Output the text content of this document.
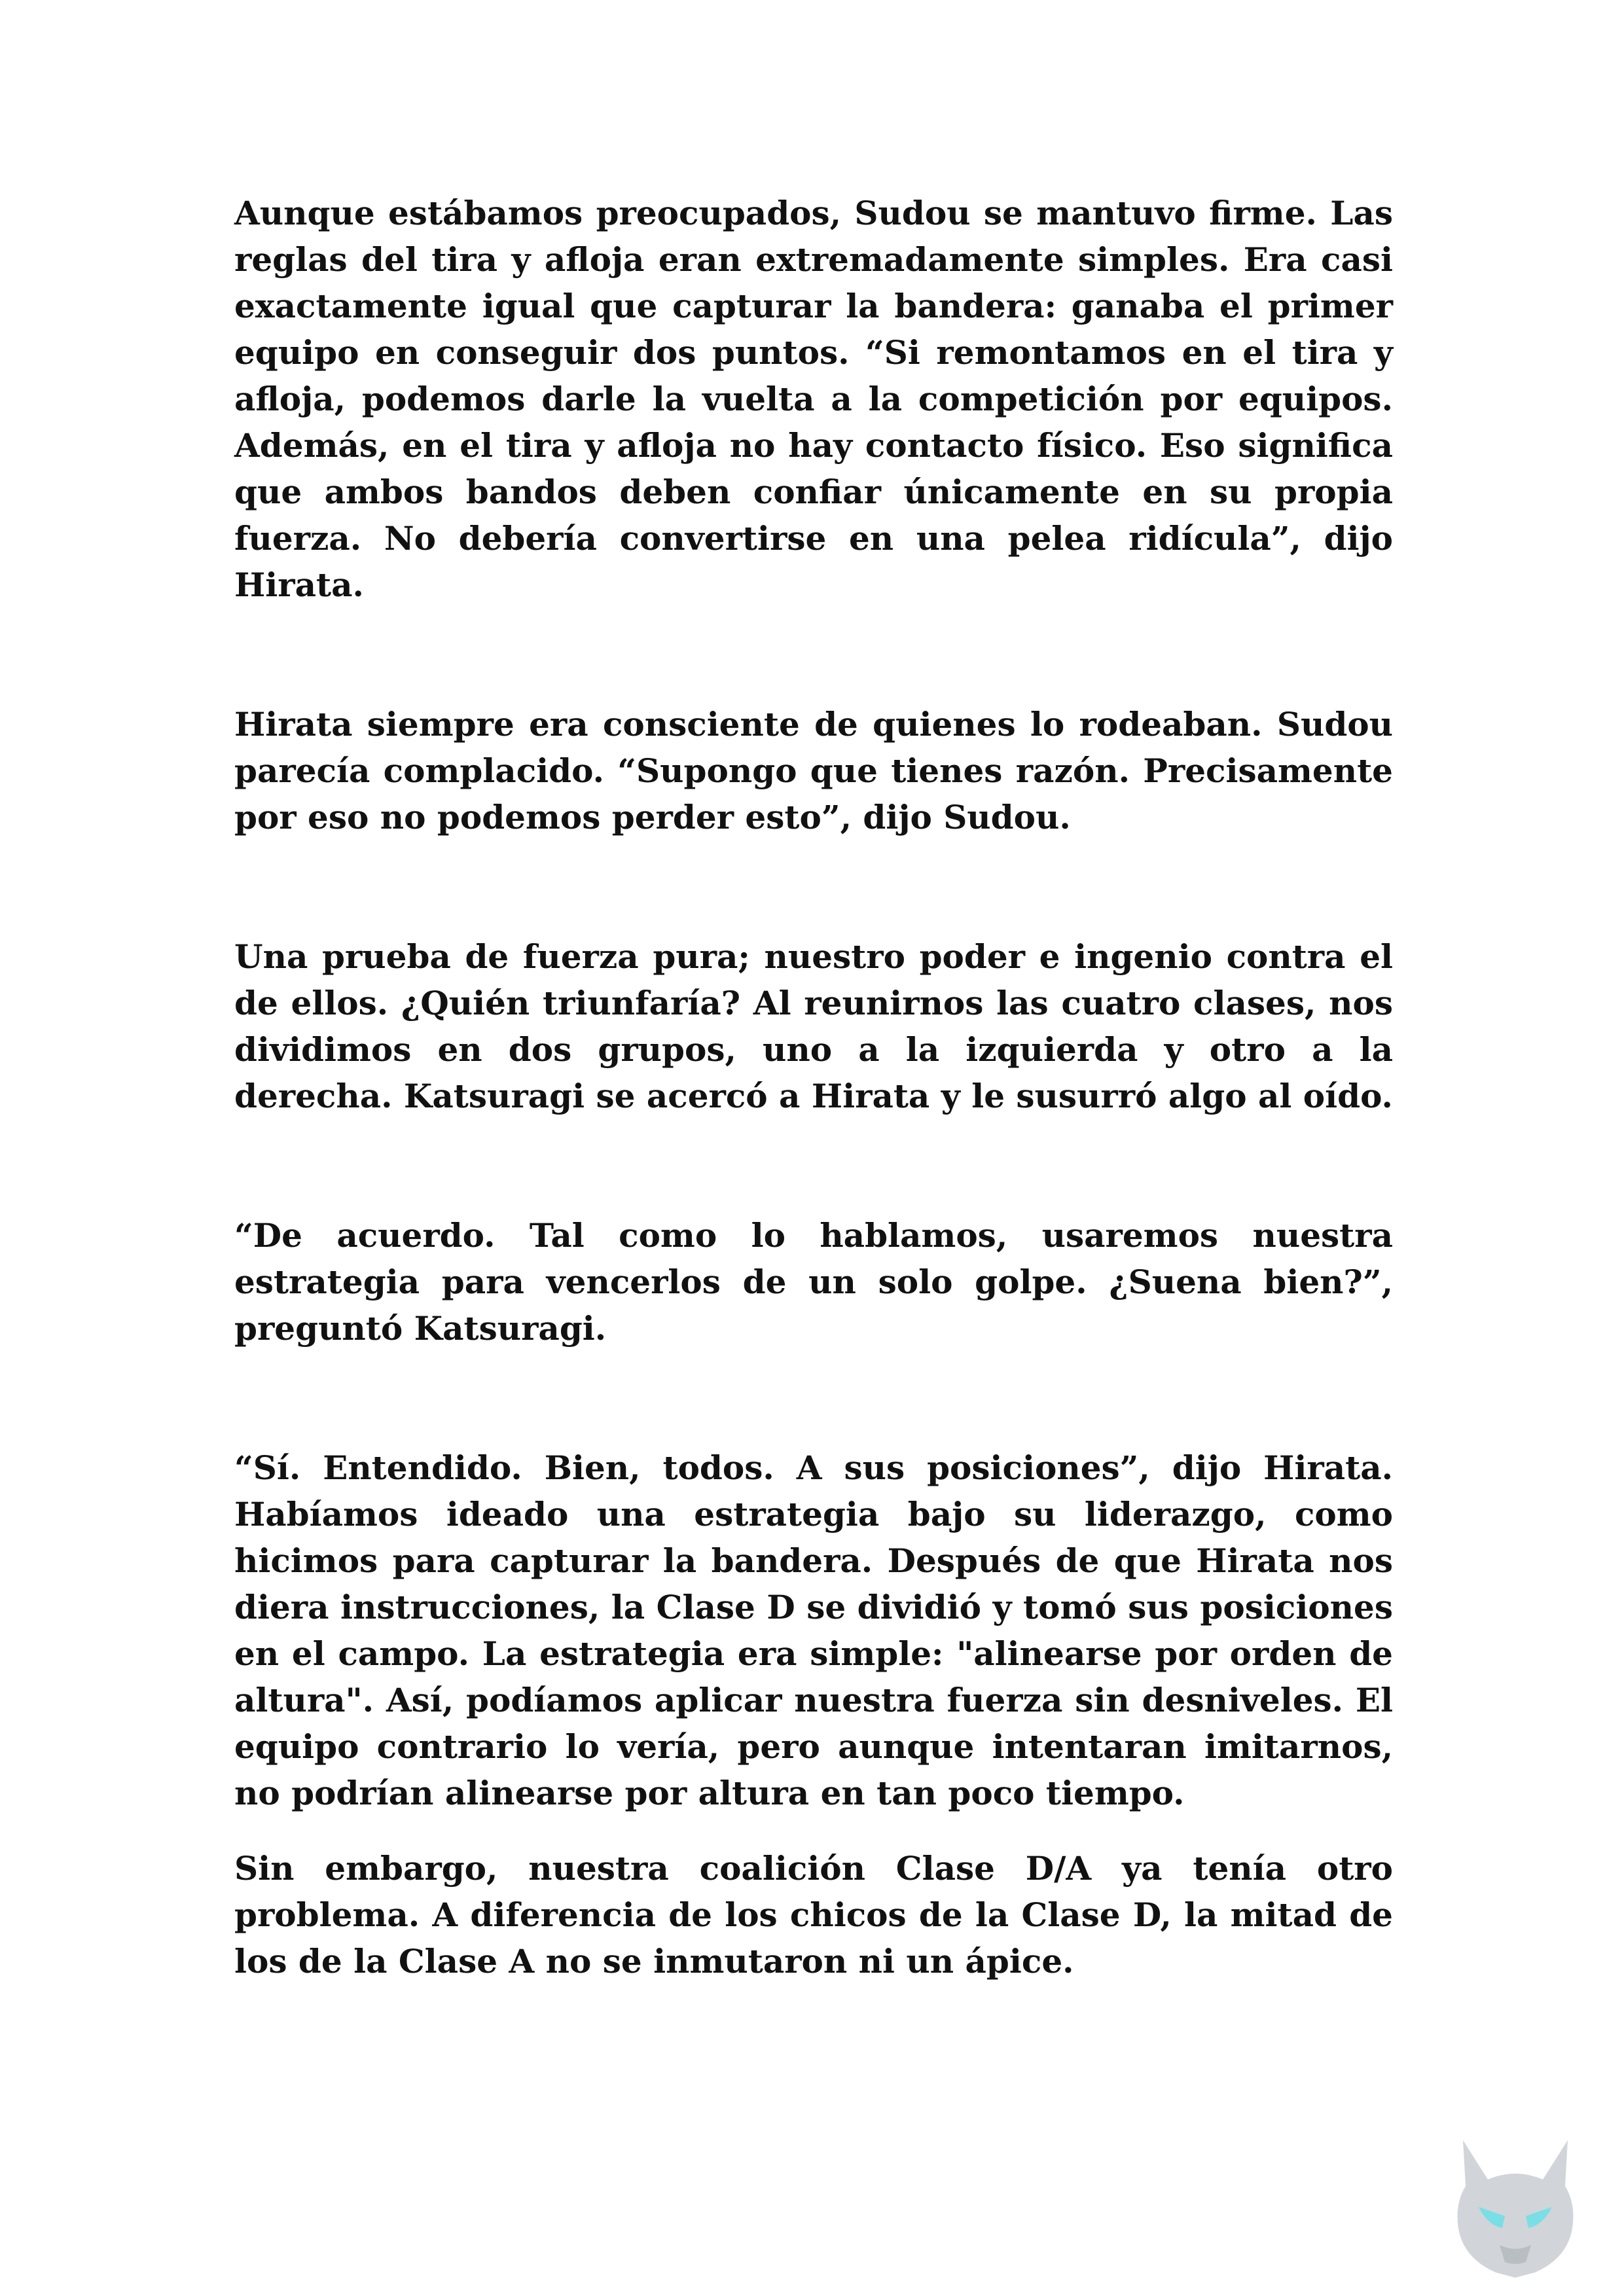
Aunque estábamos preocupados, Sudou se mantuvo firme. Las reglas del tira y afloja eran extremadamente simples. Era casi exactamente igual que capturar la bandera: ganaba el primer equipo en conseguir dos puntos. “Si remontamos en el tira y afloja, podemos darle la vuelta a la competición por equipos. Además, en el tira y afloja no hay contacto físico. Eso significa que ambos bandos deben confiar únicamente en su propia fuerza. No debería convertirse en una pelea ridícula”, dijo Hirata.

Hirata siempre era consciente de quienes lo rodeaban. Sudou parecía complacido. “Supongo que tienes razón. Precisamente por eso no podemos perder esto”, dijo Sudou.

Una prueba de fuerza pura; nuestro poder e ingenio contra el de ellos. ¿Quién triunfaría? Al reunirnos las cuatro clases, nos dividimos en dos grupos, uno a la izquierda y otro a la derecha. Katsuragi se acercó a Hirata y le susurró algo al oído.

“De acuerdo. Tal como lo hablamos, usaremos nuestra estrategia para vencerlos de un solo golpe. ¿Suena bien?”, preguntó Katsuragi.

“Sí. Entendido. Bien, todos. A sus posiciones”, dijo Hirata. Habíamos ideado una estrategia bajo su liderazgo, como hicimos para capturar la bandera. Después de que Hirata nos diera instrucciones, la Clase D se dividió y tomó sus posiciones en el campo. La estrategia era simple: "alinearse por orden de altura". Así, podíamos aplicar nuestra fuerza sin desniveles. El equipo contrario lo vería, pero aunque intentaran imitarnos, no podrían alinearse por altura en tan poco tiempo.

Sin embargo, nuestra coalición Clase D/A ya tenía otro problema. A diferencia de los chicos de la Clase D, la mitad de los de la Clase A no se inmutaron ni un ápice.
